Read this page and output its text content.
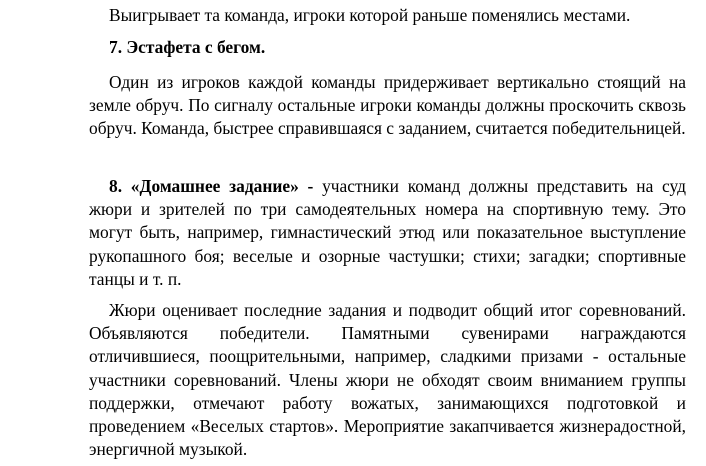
Выигрывает та команда, игроки которой раньше поменялись местами.

7. Эстафета с бегом.

Один из игроков каждой команды придерживает вертикально стоящий на земле обруч. По сигналу остальные игроки команды должны проскочить сквозь обруч. Команда, быстрее справившаяся с заданием, считается победительницей.

8. «Домашнее задание» - участники команд должны представить на суд жюри и зрителей по три самодеятельных номера на спортивную тему. Это могут быть, например, гимнастический этюд или показательное выступление рукопашного боя; веселые и озорные частушки; стихи; загадки; спортивные танцы и т. п.

Жюри оценивает последние задания и подводит общий итог соревнований. Объявляются победители. Памятными сувенирами награждаются отличившиеся, поощрительными, например, сладкими призами - остальные участники соревнований. Члены жюри не обходят своим вниманием группы поддержки, отмечают работу вожатых, занимающихся подготовкой и проведением «Веселых стартов». Мероприятие закапчивается жизнерадостной, энергичной музыкой.
